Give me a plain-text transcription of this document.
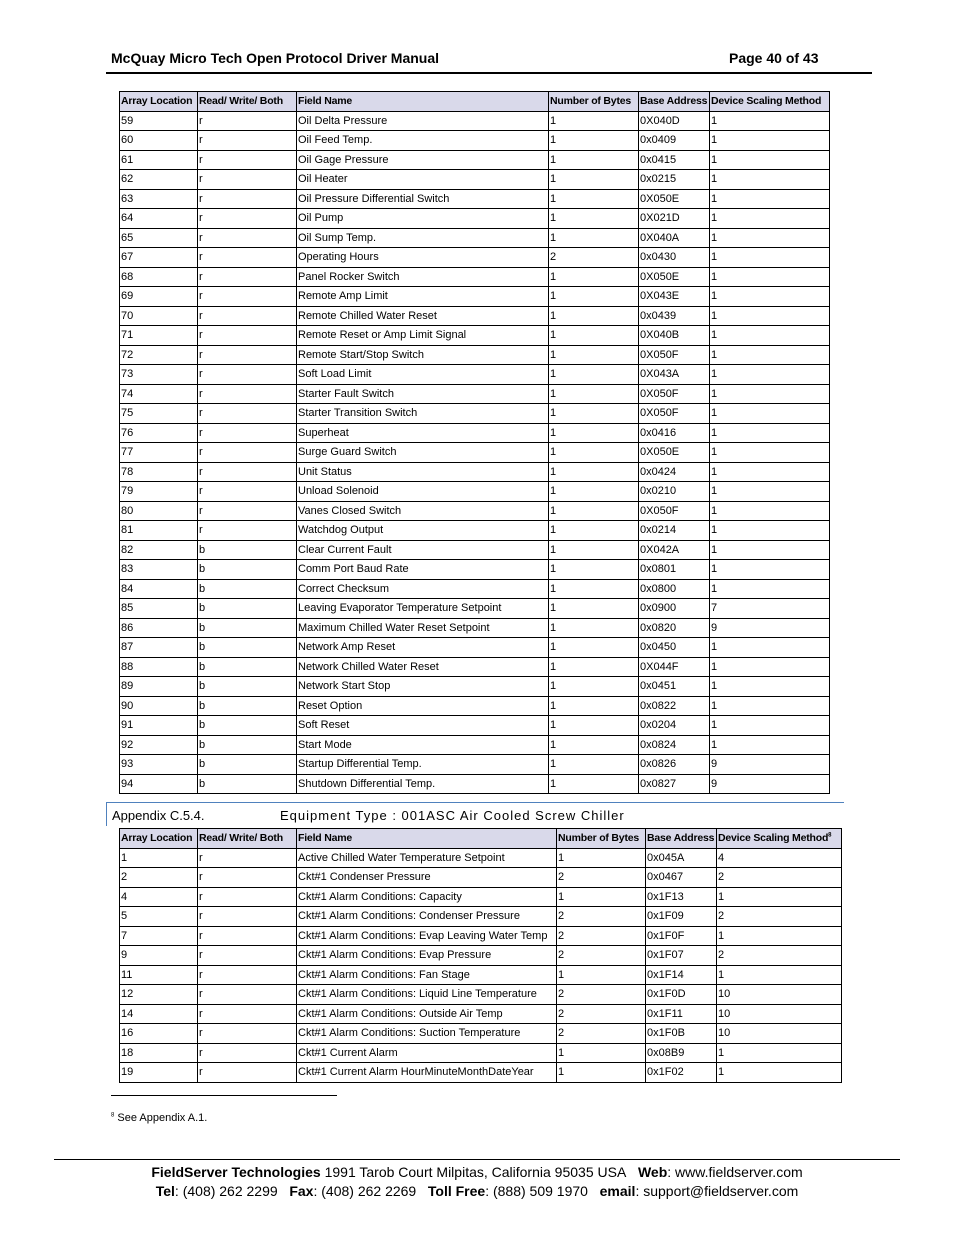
McQuay Micro Tech Open Protocol Driver Manual	Page 40 of 43
Array Location	Read/ Write/ Both	Field Name	Number of Bytes	Base Address	Device Scaling Method
59	r	Oil Delta Pressure	1	0X040D	1
60	r	Oil Feed Temp.	1	0x0409	1
61	r	Oil Gage Pressure	1	0x0415	1
62	r	Oil Heater	1	0x0215	1
63	r	Oil Pressure Differential Switch	1	0X050E	1
64	r	Oil Pump	1	0X021D	1
65	r	Oil Sump Temp.	1	0X040A	1
67	r	Operating Hours	2	0x0430	1
68	r	Panel Rocker Switch	1	0X050E	1
69	r	Remote Amp Limit	1	0X043E	1
70	r	Remote Chilled Water Reset	1	0x0439	1
71	r	Remote Reset or Amp Limit Signal	1	0X040B	1
72	r	Remote Start/Stop Switch	1	0X050F	1
73	r	Soft Load Limit	1	0X043A	1
74	r	Starter Fault Switch	1	0X050F	1
75	r	Starter Transition Switch	1	0X050F	1
76	r	Superheat	1	0x0416	1
77	r	Surge Guard Switch	1	0X050E	1
78	r	Unit Status	1	0x0424	1
79	r	Unload Solenoid	1	0x0210	1
80	r	Vanes Closed Switch	1	0X050F	1
81	r	Watchdog Output	1	0x0214	1
82	b	Clear Current Fault	1	0X042A	1
83	b	Comm Port Baud Rate	1	0x0801	1
84	b	Correct Checksum	1	0x0800	1
85	b	Leaving Evaporator Temperature Setpoint	1	0x0900	7
86	b	Maximum Chilled Water Reset Setpoint	1	0x0820	9
87	b	Network Amp Reset	1	0x0450	1
88	b	Network Chilled Water Reset	1	0X044F	1
89	b	Network Start Stop	1	0x0451	1
90	b	Reset Option	1	0x0822	1
91	b	Soft Reset	1	0x0204	1
92	b	Start Mode	1	0x0824	1
93	b	Startup Differential Temp.	1	0x0826	9
94	b	Shutdown Differential Temp.	1	0x0827	9
Appendix C.5.4.	Equipment Type : 001ASC Air Cooled Screw Chiller
Array Location	Read/ Write/ Both	Field Name	Number of Bytes	Base Address	Device Scaling Method$^8$
1	r	Active Chilled Water Temperature Setpoint	1	0x045A	4
2	r	Ckt#1 Condenser Pressure	2	0x0467	2
4	r	Ckt#1 Alarm Conditions: Capacity	1	0x1F13	1
5	r	Ckt#1 Alarm Conditions: Condenser Pressure	2	0x1F09	2
7	r	Ckt#1 Alarm Conditions: Evap Leaving Water Temp	2	0x1F0F	1
9	r	Ckt#1 Alarm Conditions: Evap Pressure	2	0x1F07	2
11	r	Ckt#1 Alarm Conditions: Fan Stage	1	0x1F14	1
12	r	Ckt#1 Alarm Conditions: Liquid Line Temperature	2	0x1F0D	10
14	r	Ckt#1 Alarm Conditions: Outside Air Temp	2	0x1F11	10
16	r	Ckt#1 Alarm Conditions: Suction Temperature	2	0x1F0B	10
18	r	Ckt#1 Current Alarm	1	0x08B9	1
19	r	Ckt#1 Current Alarm HourMinuteMonthDateYear	1	0x1F02	1
$^8$ See Appendix A.1.
FieldServer Technologies 1991 Tarob Court Milpitas, California 95035 USA Web: www.fieldserver.com
Tel: (408) 262 2299 Fax: (408) 262 2269 Toll Free: (888) 509 1970 email: support@fieldserver.com
